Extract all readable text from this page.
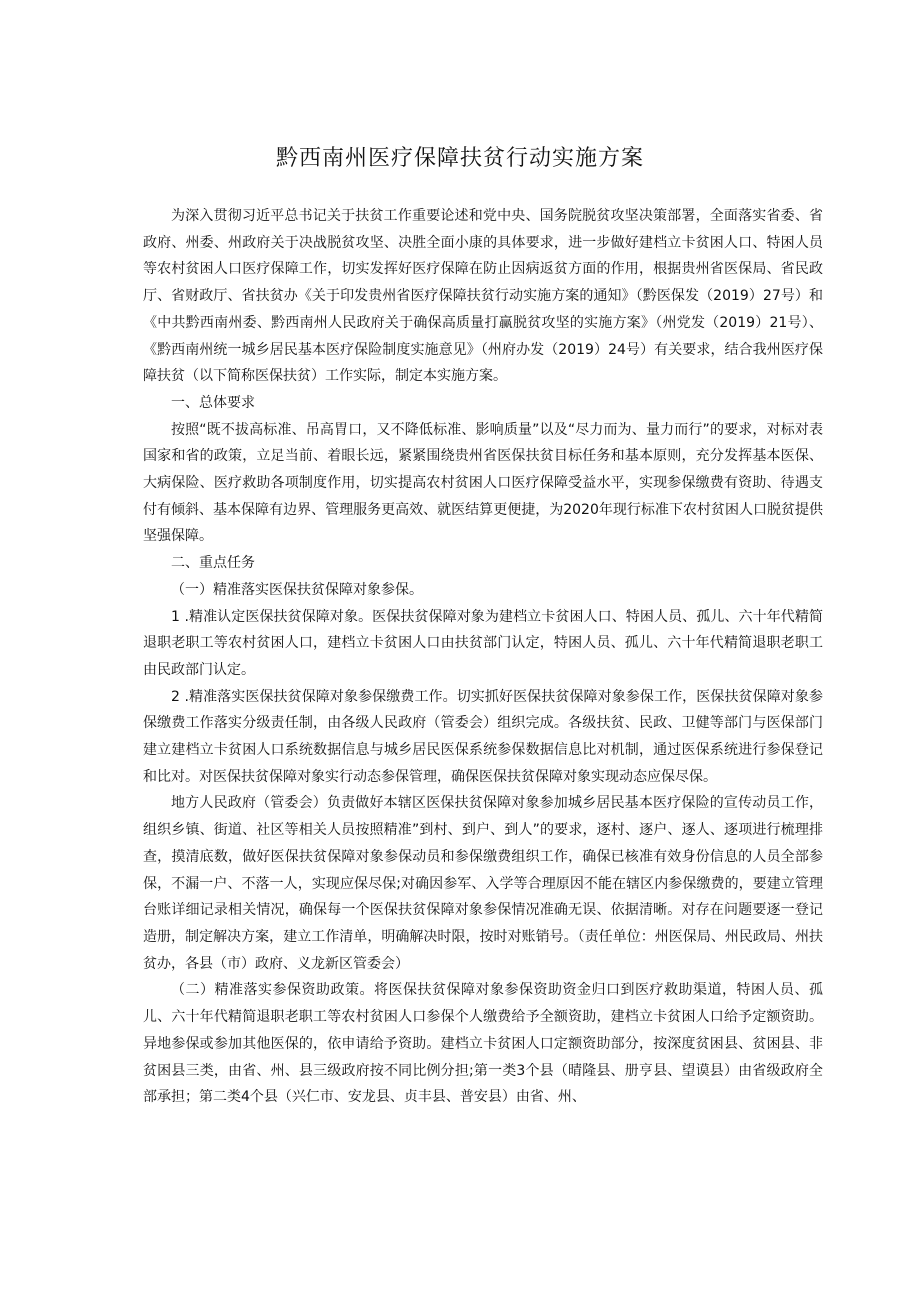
黔西南州医疗保障扶贫行动实施方案

为深入贯彻习近平总书记关于扶贫工作重要论述和党中央、国务院脱贫攻坚决策部署，全面落实省委、省政府、州委、州政府关于决战脱贫攻坚、决胜全面小康的具体要求，进一步做好建档立卡贫困人口、特困人员等农村贫困人口医疗保障工作，切实发挥好医疗保障在防止因病返贫方面的作用，根据贵州省医保局、省民政厅、省财政厅、省扶贫办《关于印发贵州省医疗保障扶贫行动实施方案的通知》（黔医保发（2019）27号）和《中共黔西南州委、黔西南州人民政府关于确保高质量打赢脱贫攻坚的实施方案》（州党发（2019）21号）、《黔西南州统一城乡居民基本医疗保险制度实施意见》（州府办发（2019）24号）有关要求，结合我州医疗保障扶贫（以下简称医保扶贫）工作实际，制定本实施方案。

一、总体要求

按照“既不拔高标准、吊高胃口，又不降低标准、影响质量”以及“尽力而为、量力而行”的要求，对标对表国家和省的政策，立足当前、着眼长远，紧紧围绕贵州省医保扶贫目标任务和基本原则，充分发挥基本医保、大病保险、医疗救助各项制度作用，切实提高农村贫困人口医疗保障受益水平，实现参保缴费有资助、待遇支付有倾斜、基本保障有边界、管理服务更高效、就医结算更便捷，为2020年现行标准下农村贫困人口脱贫提供坚强保障。

二、重点任务

（一）精准落实医保扶贫保障对象参保。

1 .精准认定医保扶贫保障对象。医保扶贫保障对象为建档立卡贫困人口、特困人员、孤儿、六十年代精简退职老职工等农村贫困人口，建档立卡贫困人口由扶贫部门认定，特困人员、孤儿、六十年代精简退职老职工由民政部门认定。

2 .精准落实医保扶贫保障对象参保缴费工作。切实抓好医保扶贫保障对象参保工作，医保扶贫保障对象参保缴费工作落实分级责任制，由各级人民政府（管委会）组织完成。各级扶贫、民政、卫健等部门与医保部门建立建档立卡贫困人口系统数据信息与城乡居民医保系统参保数据信息比对机制，通过医保系统进行参保登记和比对。对医保扶贫保障对象实行动态参保管理，确保医保扶贫保障对象实现动态应保尽保。

地方人民政府（管委会）负责做好本辖区医保扶贫保障对象参加城乡居民基本医疗保险的宣传动员工作，组织乡镇、街道、社区等相关人员按照精准”到村、到户、到人”的要求，逐村、逐户、逐人、逐项进行梳理排查，摸清底数，做好医保扶贫保障对象参保动员和参保缴费组织工作，确保已核准有效身份信息的人员全部参保，不漏一户、不落一人，实现应保尽保;对确因参军、入学等合理原因不能在辖区内参保缴费的，要建立管理台账详细记录相关情况，确保每一个医保扶贫保障对象参保情况准确无误、依据清晰。对存在问题要逐一登记造册，制定解决方案，建立工作清单，明确解决时限，按时对账销号。（责任单位：州医保局、州民政局、州扶贫办，各县（市）政府、义龙新区管委会）

（二）精准落实参保资助政策。将医保扶贫保障对象参保资助资金归口到医疗救助渠道，特困人员、孤儿、六十年代精简退职老职工等农村贫困人口参保个人缴费给予全额资助，建档立卡贫困人口给予定额资助。异地参保或参加其他医保的，依申请给予资助。建档立卡贫困人口定额资助部分，按深度贫困县、贫困县、非贫困县三类，由省、州、县三级政府按不同比例分担;第一类3个县（晴隆县、册亨县、望谟县）由省级政府全部承担；第二类4个县（兴仁市、安龙县、贞丰县、普安县）由省、州、
